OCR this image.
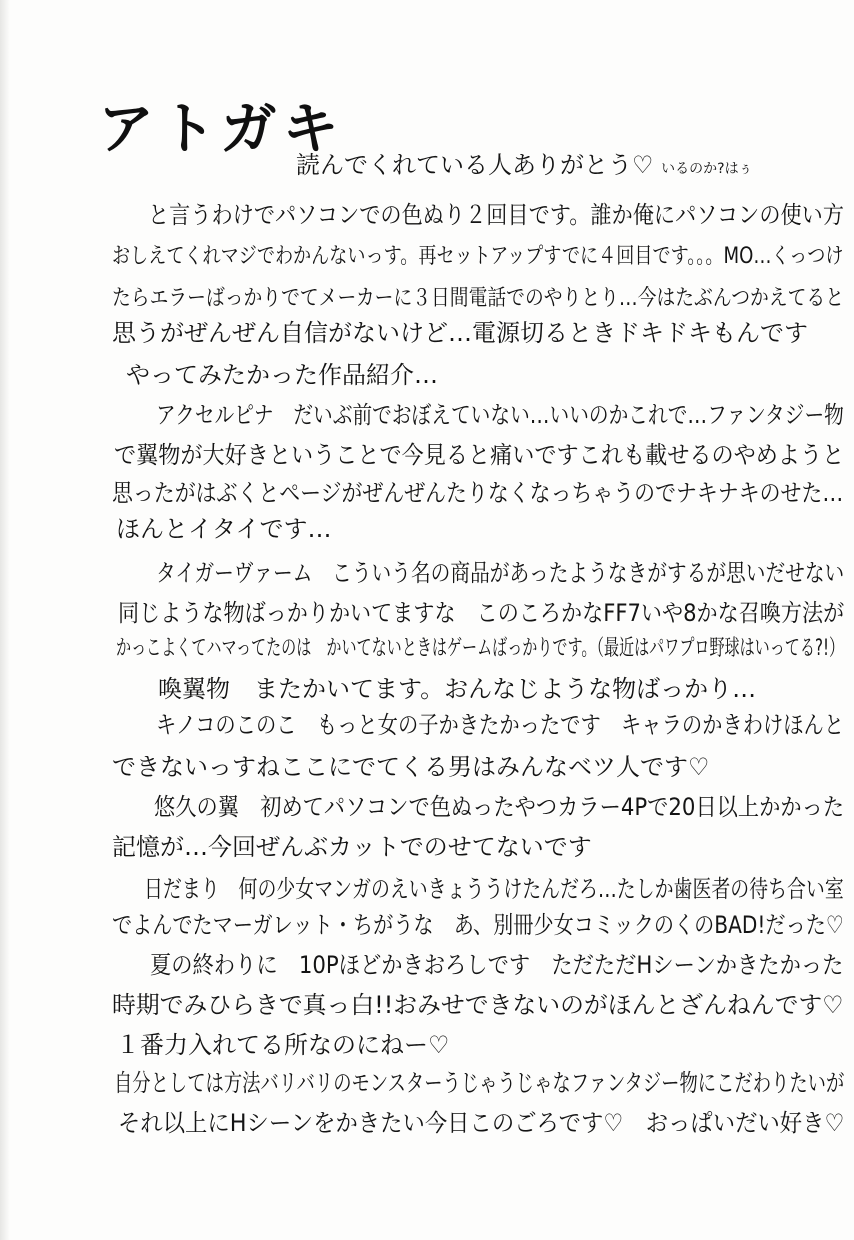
アトガキ
読んでくれている人ありがとう♡ いるのか?はぅ
と言うわけでパソコンでの色ぬり２回目です。誰か俺にパソコンの使い方
おしえてくれマジでわかんないっす。再セットアップすでに４回目です。。。MO…くっつけ
たらエラーばっかりでてメーカーに３日間電話でのやりとり…今はたぶんつかえてると
思うがぜんぜん自信がないけど…電源切るときドキドキもんです
やってみたかった作品紹介…
アクセルピナ　だいぶ前でおぼえていない…いいのかこれで…ファンタジー物
で翼物が大好きということで今見ると痛いですこれも載せるのやめようと
思ったがはぶくとページがぜんぜんたりなくなっちゃうのでナキナキのせた…
ほんとイタイです…
タイガーヴァーム　こういう名の商品があったようなきがするが思いだせない
同じような物ばっかりかいてますな　このころかなFF7いや8かな召喚方法が
かっこよくてハマってたのは　かいてないときはゲームばっかりです。（最近はパワプロ野球はいってる?!）
喚翼物　またかいてます。おんなじような物ばっかり…
キノコのこのこ　もっと女の子かきたかったです　キャラのかきわけほんと
できないっすねここにでてくる男はみんなベツ人です♡
悠久の翼　初めてパソコンで色ぬったやつカラー4Pで20日以上かかった
記憶が…今回ぜんぶカットでのせてないです
日だまり　何の少女マンガのえいきょううけたんだろ…たしか歯医者の待ち合い室
でよんでたマーガレット・ちがうな　あ、別冊少女コミックのくのBAD!だった♡
夏の終わりに　10Pほどかきおろしです　ただただHシーンかきたかった
時期でみひらきで真っ白!!おみせできないのがほんとざんねんです♡
１番力入れてる所なのにねー♡
自分としては方法バリバリのモンスターうじゃうじゃなファンタジー物にこだわりたいが
それ以上にHシーンをかきたい今日このごろです♡　おっぱいだい好き♡
